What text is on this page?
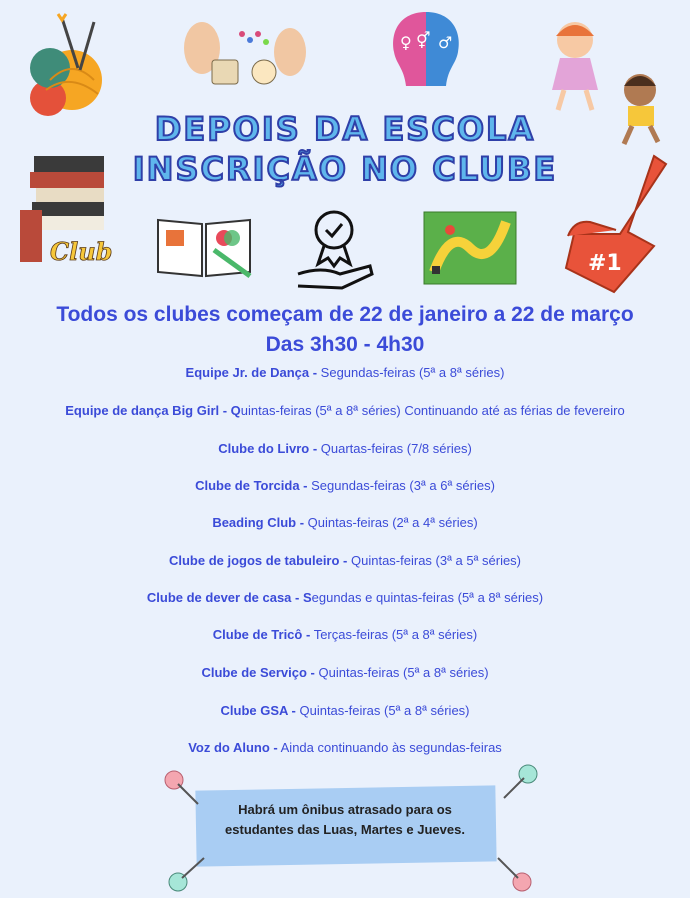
♀ ⚥ ♂
Club	#1
DEPOIS DA ESCOLA
INSCRIÇÃO NO CLUBE
Todos os clubes começam de 22 de janeiro a 22 de março
Das 3h30 - 4h30
Equipe Jr. de Dança - Segundas-feiras (5ª a 8ª séries)
Equipe de dança Big Girl - Quintas-feiras (5ª a 8ª séries) Continuando até as férias de fevereiro
Clube do Livro - Quartas-feiras (7/8 séries)
Clube de Torcida - Segundas-feiras (3ª a 6ª séries)
Beading Club - Quintas-feiras (2ª a 4ª séries)
Clube de jogos de tabuleiro - Quintas-feiras (3ª a 5ª séries)
Clube de dever de casa - Segundas e quintas-feiras (5ª a 8ª séries)
Clube de Tricô - Terças-feiras (5ª a 8ª séries)
Clube de Serviço - Quintas-feiras (5ª a 8ª séries)
Clube GSA - Quintas-feiras (5ª a 8ª séries)
Voz do Aluno - Ainda continuando às segundas-feiras
Habrá um ônibus atrasado para os
estudantes das Luas, Martes e Jueves.
